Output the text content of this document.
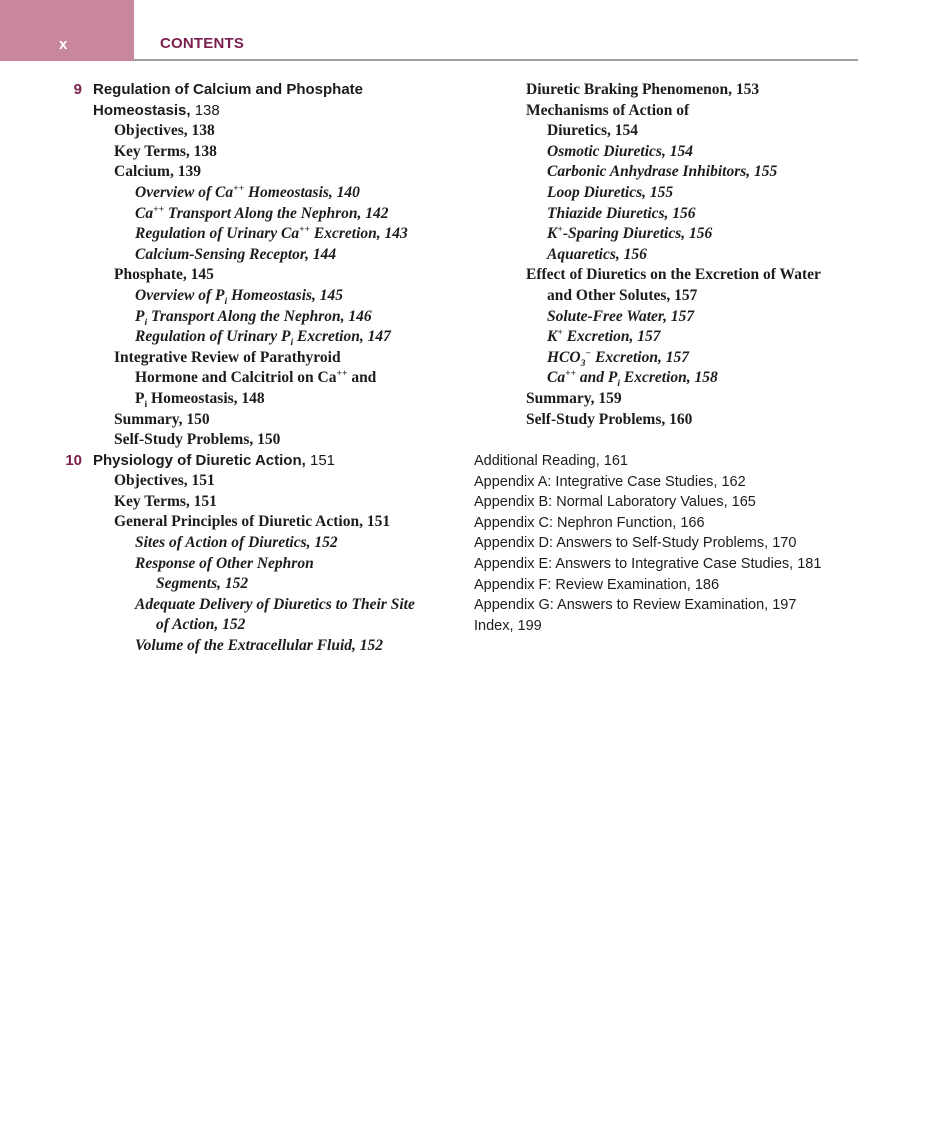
x	CONTENTS
9 Regulation of Calcium and Phosphate
Homeostasis, 138
Objectives, 138
Key Terms, 138
Calcium, 139
Overview of Ca++ Homeostasis, 140
Ca++ Transport Along the Nephron, 142
Regulation of Urinary Ca++ Excretion, 143
Calcium-Sensing Receptor, 144
Phosphate, 145
Overview of $P_i$ Homeostasis, 145
$P_i$ Transport Along the Nephron, 146
Regulation of Urinary $P_i$ Excretion, 147
Integrative Review of Parathyroid
Hormone and Calcitriol on Ca++ and
$P_i$ Homeostasis, 148
Summary, 150
Self-Study Problems, 150
10 Physiology of Diuretic Action, 151
Objectives, 151
Key Terms, 151
General Principles of Diuretic Action, 151
Sites of Action of Diuretics, 152
Response of Other Nephron
Segments, 152
Adequate Delivery of Diuretics to Their Site
of Action, 152
Volume of the Extracellular Fluid, 152
Diuretic Braking Phenomenon, 153
Mechanisms of Action of
Diuretics, 154
Osmotic Diuretics, 154
Carbonic Anhydrase Inhibitors, 155
Loop Diuretics, 155
Thiazide Diuretics, 156
K+-Sparing Diuretics, 156
Aquaretics, 156
Effect of Diuretics on the Excretion of Water
and Other Solutes, 157
Solute-Free Water, 157
K+ Excretion, 157
$HCO_3^-$ Excretion, 157
Ca++ and $P_i$ Excretion, 158
Summary, 159
Self-Study Problems, 160
Additional Reading, 161
Appendix A: Integrative Case Studies, 162
Appendix B: Normal Laboratory Values, 165
Appendix C: Nephron Function, 166
Appendix D: Answers to Self-Study Problems, 170
Appendix E: Answers to Integrative Case Studies, 181
Appendix F: Review Examination, 186
Appendix G: Answers to Review Examination, 197
Index, 199
